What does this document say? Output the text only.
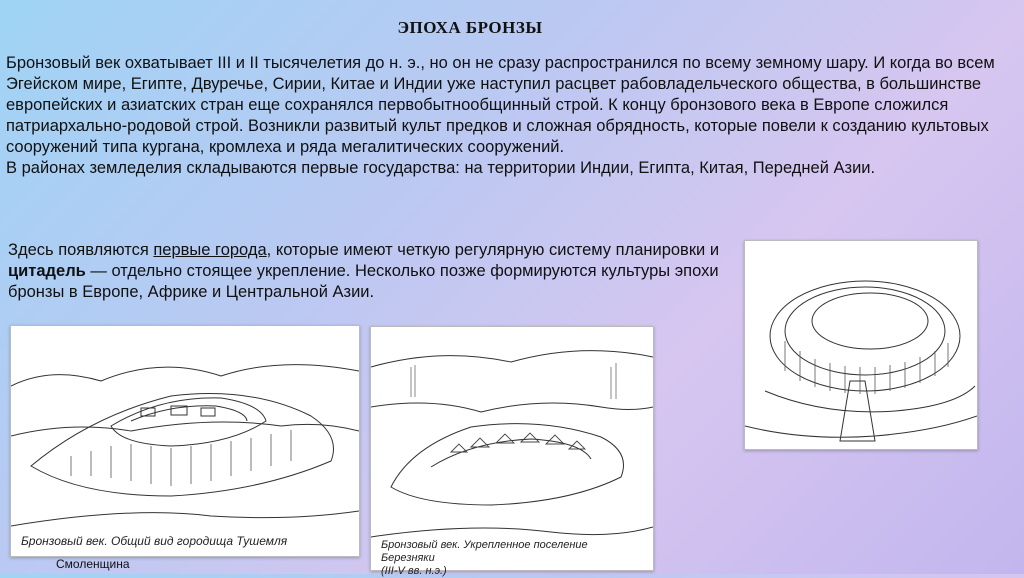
ЭПОХА БРОНЗЫ

Бронзовый век охватывает III и II тысячелетия до н. э., но он не сразу распространился по всему земному шару. И когда во всем Эгейском мире, Египте, Двуречье, Сирии, Китае и Индии уже наступил расцвет рабовладельческого общества, в большинстве европейских и азиатских стран еще сохранялся первобытнообщинный строй. К концу бронзового века в Европе сложился патриархально-родовой строй. Возникли развитый культ предков и сложная обрядность, которые повели к созданию культовых сооружений типа кургана, кромлеха и ряда мегалитических сооружений.
В районах земледелия складываются первые государства: на территории Индии, Египта, Китая, Передней Азии.

Здесь появляются первые города, которые имеют четкую регулярную систему планировки и цитадель — отдельно стоящее укрепление. Несколько позже формируются культуры эпохи бронзы в Европе, Африке и Центральной Азии.

Бронзовый век. Общий вид городища Тушемля	Бронзовый век. Укрепленное поселение Березняки
(III-V вв. н.э.)
Смоленщина
